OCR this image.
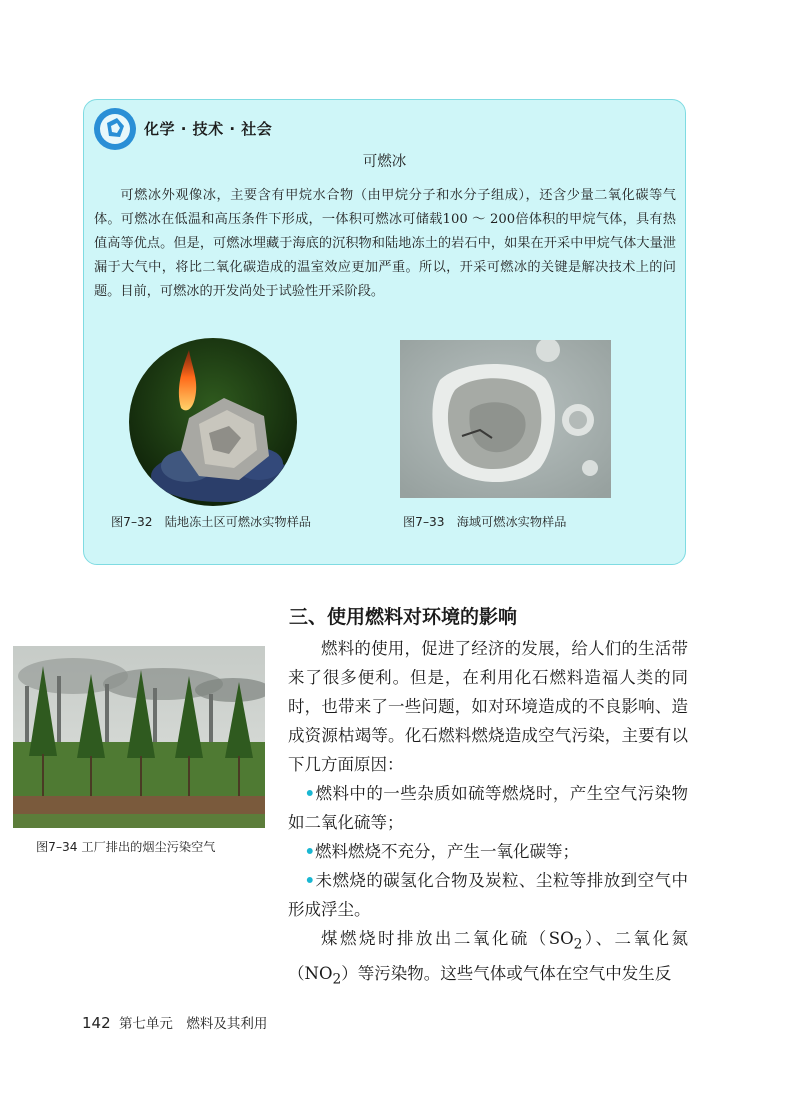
化学 · 技术 · 社会
可燃冰

可燃冰外观像冰，主要含有甲烷水合物（由甲烷分子和水分子组成），还含少量二氧化碳等气体。可燃冰在低温和高压条件下形成，一体积可燃冰可储载100 ～ 200倍体积的甲烷气体，具有热值高等优点。但是，可燃冰埋藏于海底的沉积物和陆地冻土的岩石中，如果在开采中甲烷气体大量泄漏于大气中，将比二氧化碳造成的温室效应更加严重。所以，开采可燃冰的关键是解决技术上的问题。目前，可燃冰的开发尚处于试验性开采阶段。

图7–32　陆地冻土区可燃冰实物样品	图7–33　海域可燃冰实物样品
三、使用燃料对环境的影响
图7–34 工厂排出的烟尘污染空气

燃料的使用，促进了经济的发展，给人们的生活带来了很多便利。但是，在利用化石燃料造福人类的同时，也带来了一些问题，如对环境造成的不良影响、造成资源枯竭等。化石燃料燃烧造成空气污染，主要有以下几方面原因：

•燃料中的一些杂质如硫等燃烧时，产生空气污染物如二氧化硫等；

•燃料燃烧不充分，产生一氧化碳等；

•未燃烧的碳氢化合物及炭粒、尘粒等排放到空气中形成浮尘。

煤燃烧时排放出二氧化硫$(SO_2)$、二氧化氮$(NO_2)$等污染物。这些气体或气体在空气中发生反

142 第七单元　燃料及其利用
